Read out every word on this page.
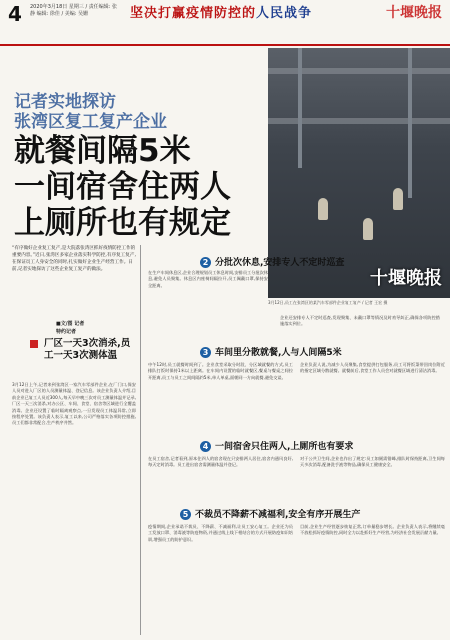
4 2020年3月18日 星期三 / 责任编辑: 张静 编辑: 徐佳 / 美编: 吴姗	坚决打赢疫情防控的人民战争	十堰晚报
十堰晚报
3月12日,员工在张湾区的某汽车零部件企业复工复产 / 记者 王宏 摄
记者实地探访
张湾区复工复产企业
就餐间隔5米
一间宿舍住两人
上厕所也有规定
“有序做好企业复工复产,是大院落张湾区抓好疫情防控工作的重要内容。”近日,张湾区多家企业落实科学防控,有序复工复产,在保证员工人身安全的同时,扎实做好企业生产经营工作。日前,记者实地探访了这些企业复工复产的做法。
■文/图 记者
特约记者
厂区一天3次消杀,员工一天3次测体温
3月12日上午,记者来到张湾区一家汽车零部件企业,在厂门口,保安人员对进入厂区的人员测量体温、登记信息。该企业负责人介绍,目前企业已复工人员近300人,每天早中晚三次对员工测量体温并记录,厂区一天三次消杀,对办公区、车间、食堂、宿舍等区域进行全覆盖消毒。企业还设置了临时隔离观察点,一旦发现员工体温异常,立即按程序处置。该负责人表示,复工以来,公司严格落实各项防控措施,员工们都非常配合,生产秩序井然。
2 分批次休息,安排专人不定时巡查
在生产车间休息区,企业合理规划员工休息时间,安排员工分批次休息,避免人员聚集。休息区内座椅间隔拉开,员工佩戴口罩,保持安全距离。
企业还安排专人不定时巡查,发现聚集、未戴口罩等情况及时劝导纠正,确保各项防控措施落实到位。
3 车间里分散就餐,人与人间隔5米
中午12时,员工就餐时间到了。企业食堂采取分时段、分区域就餐的方式,员工排队打饭时保持1米以上距离。在车间内设置的临时就餐区,餐桌与餐桌之间拉开距离,员工与员工之间间隔约5米,单人单桌,面朝同一方向就餐,避免交谈。
企业负责人说,为减少人员聚集,食堂提供打包服务,员工可将饭菜带回岗位附近的指定区域分散就餐。就餐前后,食堂工作人员会对就餐区域进行清洁消毒。
4 一间宿舍只住两人,上厕所也有要求
在员工宿舍,记者看到,原本住四人的宿舍现在只安排两人居住,宿舍内通风良好,每天定时消毒。员工进出宿舍需测量体温并登记。
对于公共卫生间,企业也作出了规定:员工如厕需错峰,排队时保持距离,卫生间每天多次消毒,配备洗手液等物品,确保员工健康安全。
5 不裁员不降薪不减福利,安全有序开展生产
疫情期间,企业承诺不裁员、不降薪、不减福利,让员工安心复工。企业还为员工发放口罩、消毒液等防疫物资,并通过线上线下相结合的方式开展防疫知识培训,增强员工的防护意识。
目前,企业生产经营逐步恢复正常,订单量稳步增长。企业负责人表示,将继续毫不放松抓好疫情防控,同时全力以赴抓好生产经营,为经济社会发展贡献力量。
